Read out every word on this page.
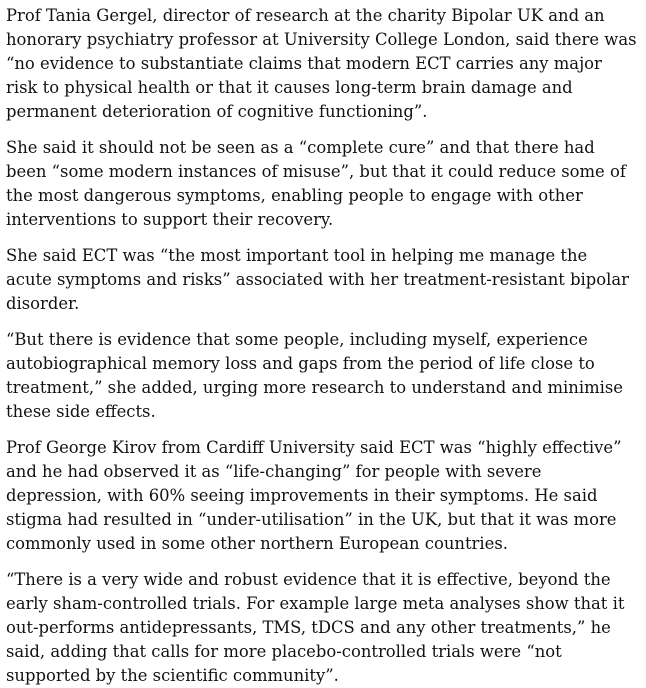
Prof Tania Gergel, director of research at the charity Bipolar UK and an honorary psychiatry professor at University College London, said there was “no evidence to substantiate claims that modern ECT carries any major risk to physical health or that it causes long-term brain damage and permanent deterioration of cognitive functioning”.

She said it should not be seen as a “complete cure” and that there had been “some modern instances of misuse”, but that it could reduce some of the most dangerous symptoms, enabling people to engage with other interventions to support their recovery.

She said ECT was “the most important tool in helping me manage the acute symptoms and risks” associated with her treatment-resistant bipolar disorder.

“But there is evidence that some people, including myself, experience autobiographical memory loss and gaps from the period of life close to treatment,” she added, urging more research to understand and minimise these side effects.

Prof George Kirov from Cardiff University said ECT was “highly effective” and he had observed it as “life-changing” for people with severe depression, with 60% seeing improvements in their symptoms. He said stigma had resulted in “under-utilisation” in the UK, but that it was more commonly used in some other northern European countries.

“There is a very wide and robust evidence that it is effective, beyond the early sham-controlled trials. For example large meta analyses show that it out-performs antidepressants, TMS, tDCS and any other treatments,” he said, adding that calls for more placebo-controlled trials were “not supported by the scientific community”.
